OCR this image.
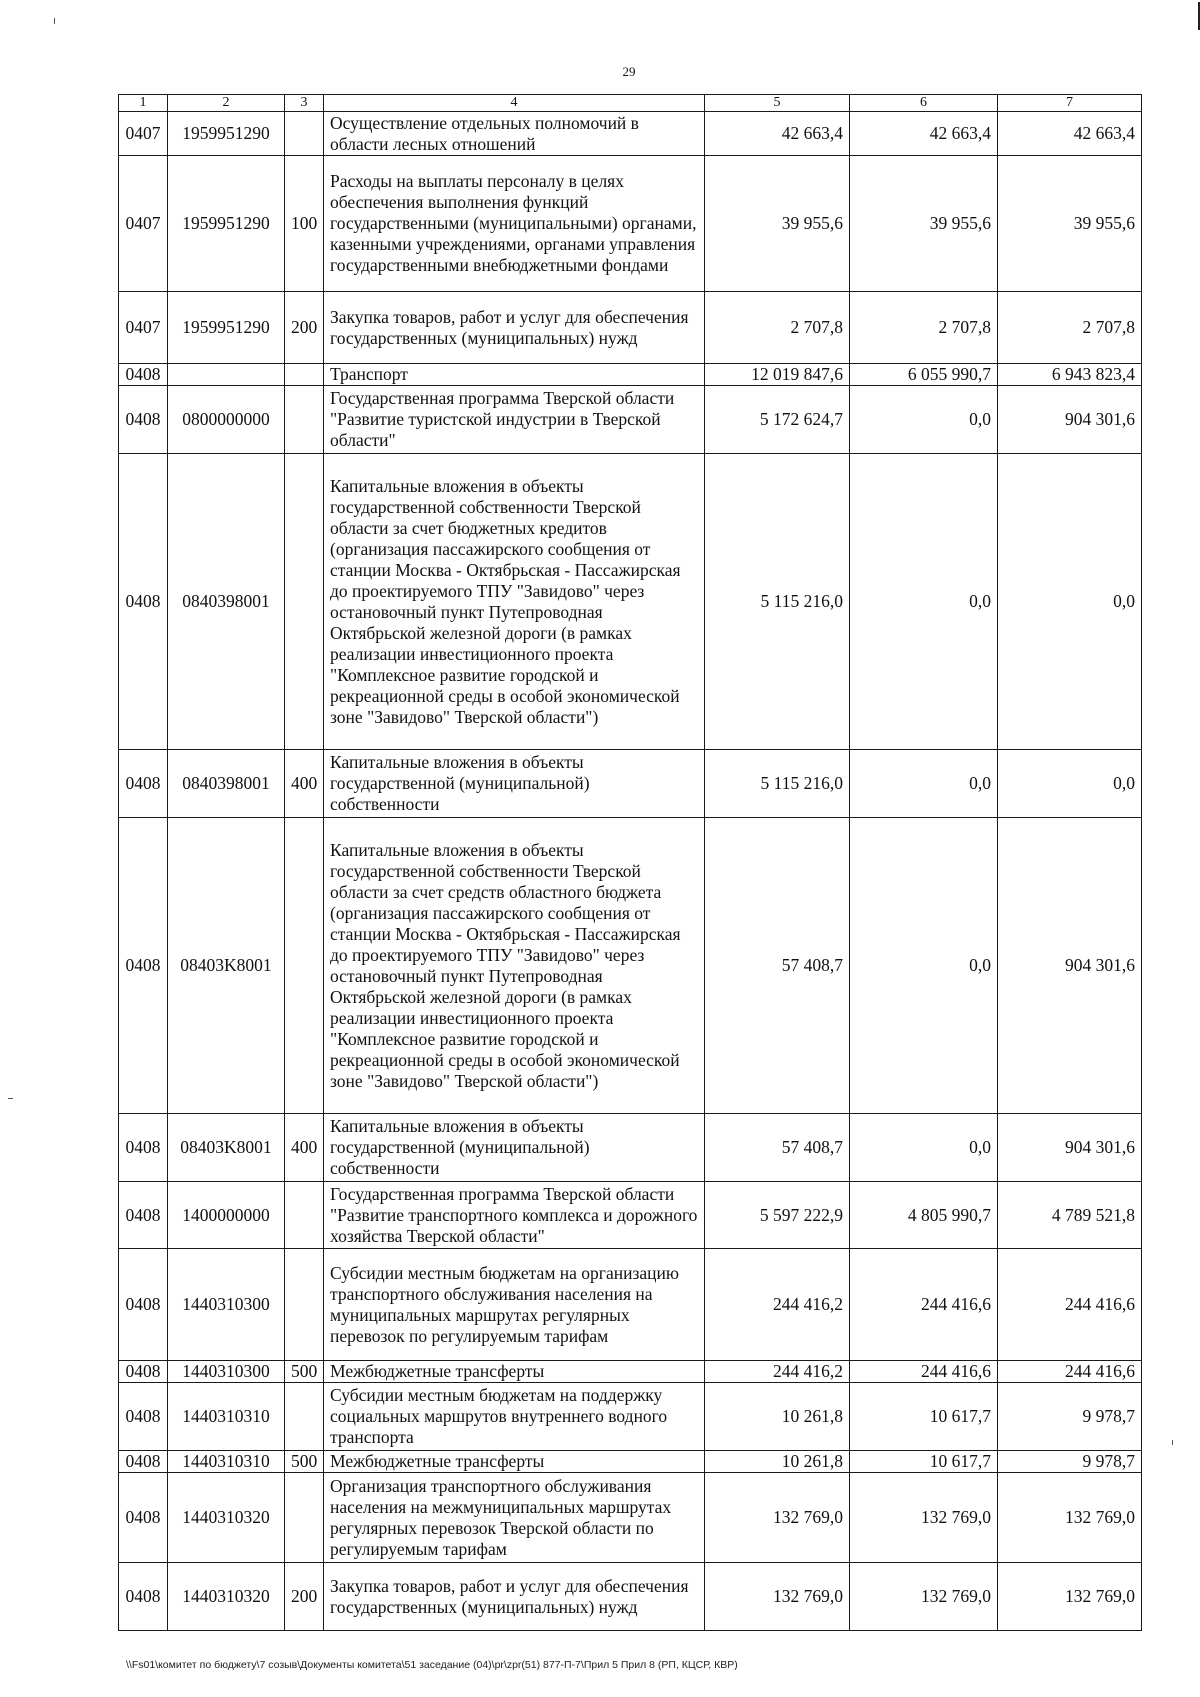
29
1	2	3	4	5	6	7
0407	1959951290		Осуществление отдельных полномочий в области лесных отношений	42 663,4	42 663,4	42 663,4
0407	1959951290	100	Расходы на выплаты персоналу в целях обеспечения выполнения функций государственными (муниципальными) органами, казенными учреждениями, органами управления государственными внебюджетными фондами	39 955,6	39 955,6	39 955,6
0407	1959951290	200	Закупка товаров, работ и услуг для обеспечения государственных (муниципальных) нужд	2 707,8	2 707,8	2 707,8
0408			Транспорт	12 019 847,6	6 055 990,7	6 943 823,4
0408	0800000000		Государственная программа Тверской области "Развитие туристской индустрии в Тверской области"	5 172 624,7	0,0	904 301,6
0408	0840398001		Капитальные вложения в объекты государственной собственности Тверской области за счет бюджетных кредитов (организация пассажирского сообщения от станции Москва - Октябрьская - Пассажирская до проектируемого ТПУ "Завидово" через остановочный пункт Путепроводная Октябрьской железной дороги (в рамках реализации инвестиционного проекта "Комплексное развитие городской и рекреационной среды в особой экономической зоне "Завидово" Тверской области")	5 115 216,0	0,0	0,0
0408	0840398001	400	Капитальные вложения в объекты государственной (муниципальной) собственности	5 115 216,0	0,0	0,0
0408	08403K8001		Капитальные вложения в объекты государственной собственности Тверской области за счет средств областного бюджета (организация пассажирского сообщения от станции Москва - Октябрьская - Пассажирская до проектируемого ТПУ "Завидово" через остановочный пункт Путепроводная Октябрьской железной дороги (в рамках реализации инвестиционного проекта "Комплексное развитие городской и рекреационной среды в особой экономической зоне "Завидово" Тверской области")	57 408,7	0,0	904 301,6
0408	08403K8001	400	Капитальные вложения в объекты государственной (муниципальной) собственности	57 408,7	0,0	904 301,6
0408	1400000000		Государственная программа Тверской области "Развитие транспортного комплекса и дорожного хозяйства Тверской области"	5 597 222,9	4 805 990,7	4 789 521,8
0408	1440310300		Субсидии местным бюджетам на организацию транспортного обслуживания населения на муниципальных маршрутах регулярных перевозок по регулируемым тарифам	244 416,2	244 416,6	244 416,6
0408	1440310300	500	Межбюджетные трансферты	244 416,2	244 416,6	244 416,6
0408	1440310310		Субсидии местным бюджетам на поддержку социальных маршрутов внутреннего водного транспорта	10 261,8	10 617,7	9 978,7
0408	1440310310	500	Межбюджетные трансферты	10 261,8	10 617,7	9 978,7
0408	1440310320		Организация транспортного обслуживания населения на межмуниципальных маршрутах регулярных перевозок Тверской области по регулируемым тарифам	132 769,0	132 769,0	132 769,0
0408	1440310320	200	Закупка товаров, работ и услуг для обеспечения государственных (муниципальных) нужд	132 769,0	132 769,0	132 769,0
\\Fs01\комитет по бюджету\7 созыв\Документы комитета\51 заседание (04)\pr\zpr(51) 877-П-7\Прил 5 Прил 8 (РП, КЦСР, КВР)
